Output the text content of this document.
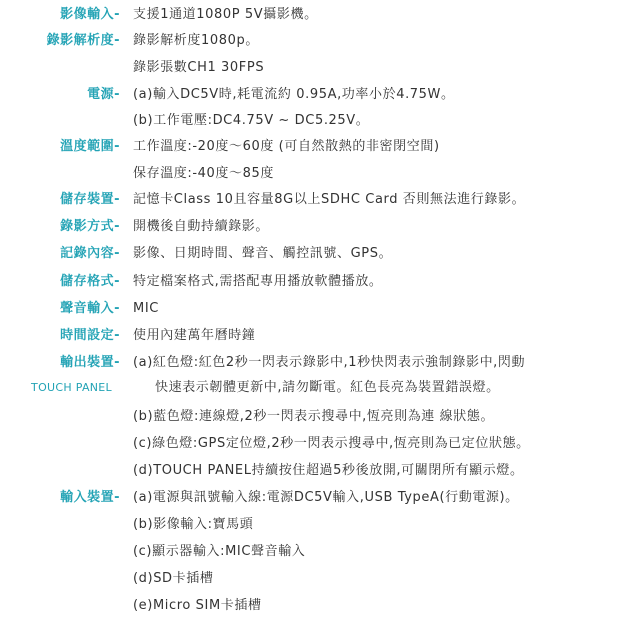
影像輸入- 支援1通道1080P 5V攝影機。
錄影解析度- 錄影解析度1080p。
錄影張數CH1 30FPS
電源- (a)輸入DC5V時,耗電流約 0.95A,功率小於4.75W。
(b)工作電壓:DC4.75V ~ DC5.25V。
溫度範圍- 工作溫度:-20度～60度 (可自然散熱的非密閉空間)
保存溫度:-40度～85度
儲存裝置- 記憶卡Class 10且容量8G以上SDHC Card 否則無法進行錄影。
錄影方式- 開機後自動持續錄影。
記錄內容- 影像、日期時間、聲音、觸控訊號、GPS。
儲存格式- 特定檔案格式,需搭配專用播放軟體播放。
聲音輸入- MIC
時間設定- 使用內建萬年曆時鐘
輸出裝置- (a)紅色燈:紅色2秒一閃表示錄影中,1秒快閃表示強制錄影中,閃動
TOUCH PANEL	快速表示韌體更新中,請勿斷電。紅色長亮為裝置錯誤燈。
(b)藍色燈:連線燈,2秒一閃表示搜尋中,恆亮則為連 線狀態。
(c)綠色燈:GPS定位燈,2秒一閃表示搜尋中,恆亮則為已定位狀態。
(d)TOUCH PANEL持續按住超過5秒後放開,可關閉所有顯示燈。
輸入裝置- (a)電源與訊號輸入線:電源DC5V輸入,USB TypeA(行動電源)。
(b)影像輸入:寶馬頭
(c)顯示器輸入:MIC聲音輸入
(d)SD卡插槽
(e)Micro SIM卡插槽
